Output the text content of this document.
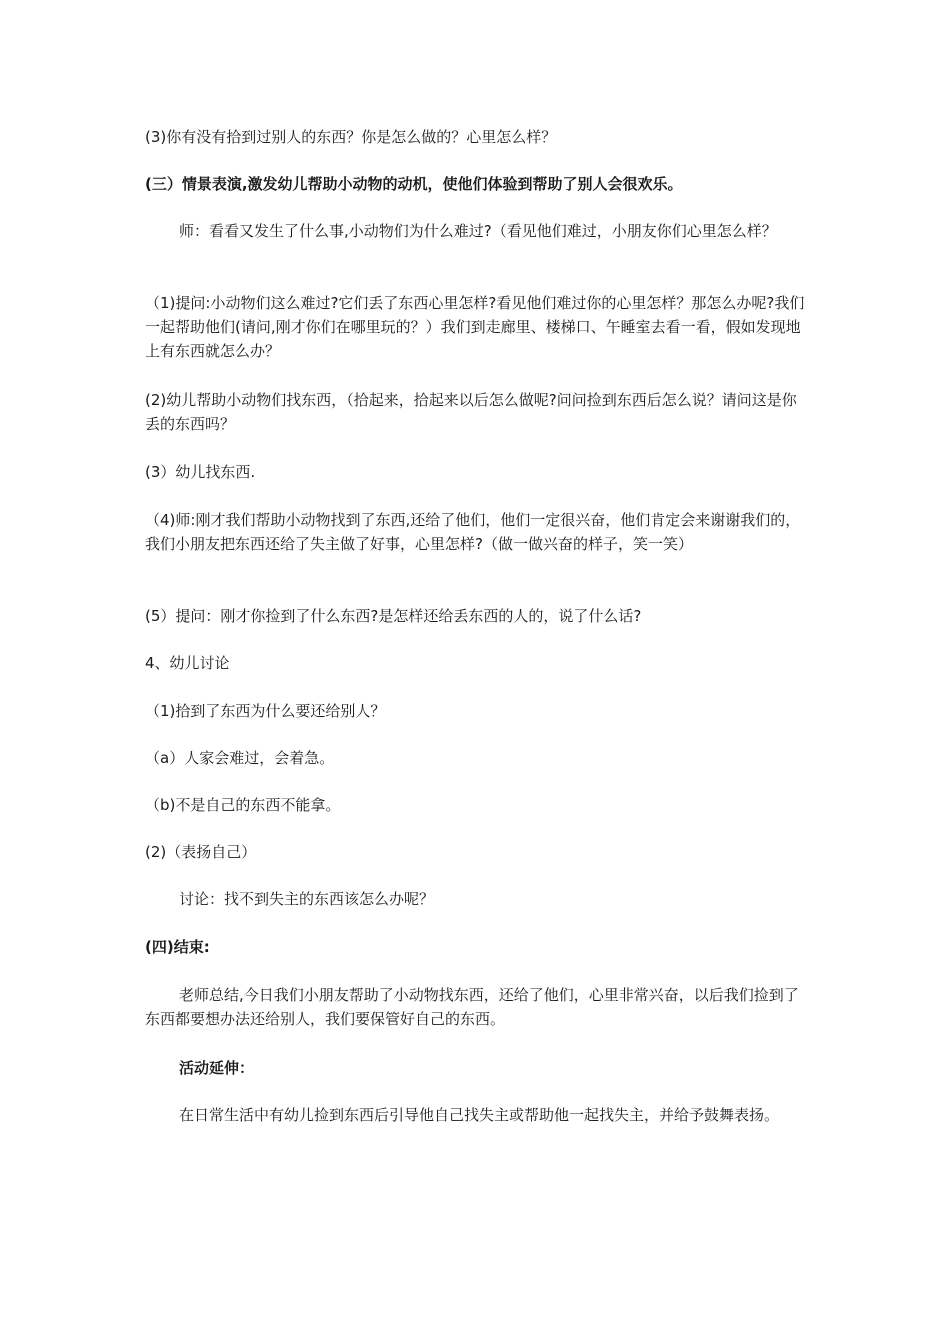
(3)你有没有拾到过别人的东西？你是怎么做的？心里怎么样？

(三）情景表演,激发幼儿帮助小动物的动机，使他们体验到帮助了别人会很欢乐。

师：看看又发生了什么事,小动物们为什么难过?（看见他们难过，小朋友你们心里怎么样？

（1)提问:小动物们这么难过?它们丢了东西心里怎样?看见他们难过你的心里怎样？那怎么办呢?我们一起帮助他们(请问,刚才你们在哪里玩的？）我们到走廊里、楼梯口、午睡室去看一看，假如发现地上有东西就怎么办？

(2)幼儿帮助小动物们找东西，（拾起来，拾起来以后怎么做呢?问问捡到东西后怎么说？请问这是你丢的东西吗？

(3）幼儿找东西.

（4)师:刚才我们帮助小动物找到了东西,还给了他们，他们一定很兴奋，他们肯定会来谢谢我们的，我们小朋友把东西还给了失主做了好事，心里怎样?（做一做兴奋的样子，笑一笑）

(5）提问：刚才你捡到了什么东西?是怎样还给丢东西的人的，说了什么话?

4、幼儿讨论

（1)拾到了东西为什么要还给别人？

（a）人家会难过，会着急。

（b)不是自己的东西不能拿。

(2)（表扬自己）

讨论：找不到失主的东西该怎么办呢？

(四)结束:

老师总结,今日我们小朋友帮助了小动物找东西，还给了他们，心里非常兴奋，以后我们捡到了东西都要想办法还给别人，我们要保管好自己的东西。

活动延伸：

在日常生活中有幼儿捡到东西后引导他自己找失主或帮助他一起找失主，并给予鼓舞表扬。
